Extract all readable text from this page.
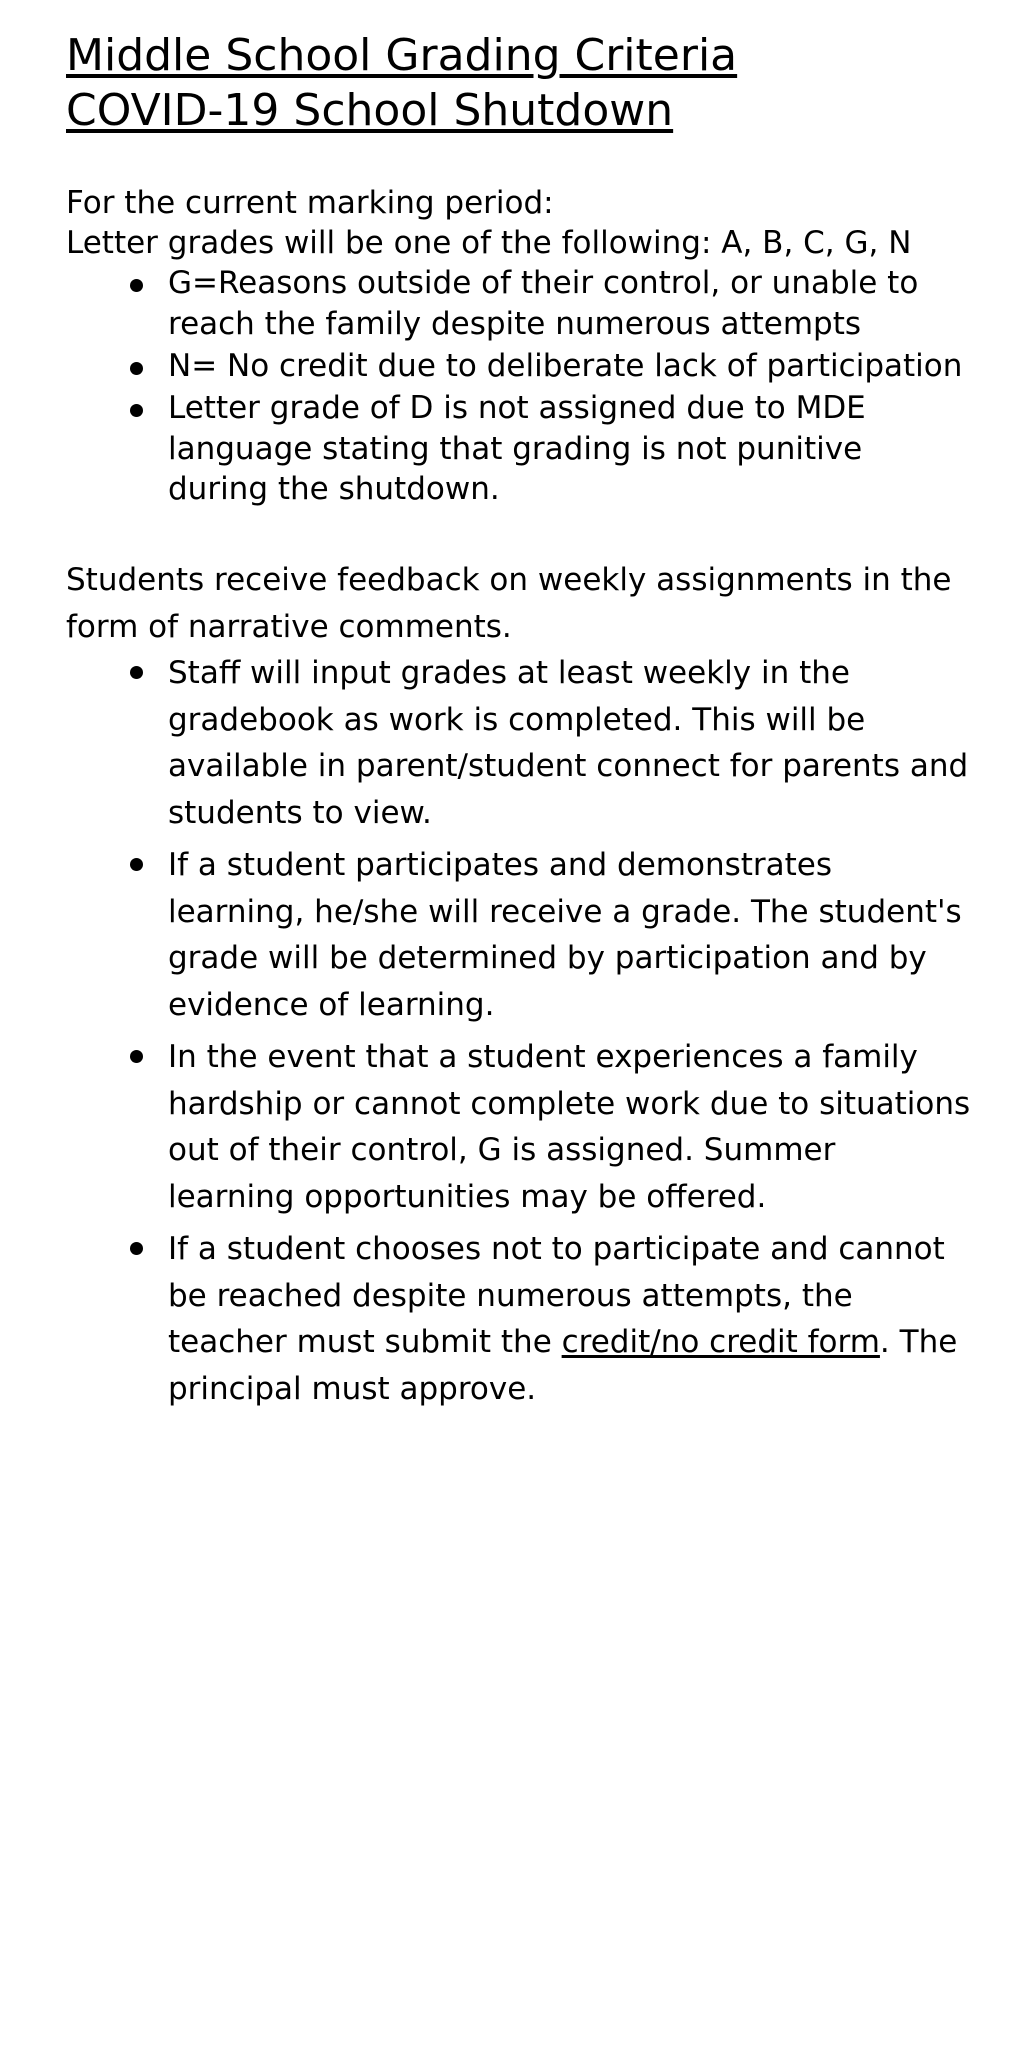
Middle School Grading Criteria
COVID-19 School Shutdown

For the current marking period:

Letter grades will be one of the following: A, B, C, G, N

G=Reasons outside of their control, or unable to reach the family despite numerous attempts
N= No credit due to deliberate lack of participation
Letter grade of D is not assigned due to MDE language stating that grading is not punitive during the shutdown.

Students receive feedback on weekly assignments in the form of narrative comments.

Staff will input grades at least weekly in the gradebook as work is completed. This will be available in parent/student connect for parents and students to view.
If a student participates and demonstrates learning, he/she will receive a grade. The student's grade will be determined by participation and by evidence of learning.
In the event that a student experiences a family hardship or cannot complete work due to situations out of their control, G is assigned. Summer learning opportunities may be offered.
If a student chooses not to participate and cannot be reached despite numerous attempts, the teacher must submit the credit/no credit form. The principal must approve.
